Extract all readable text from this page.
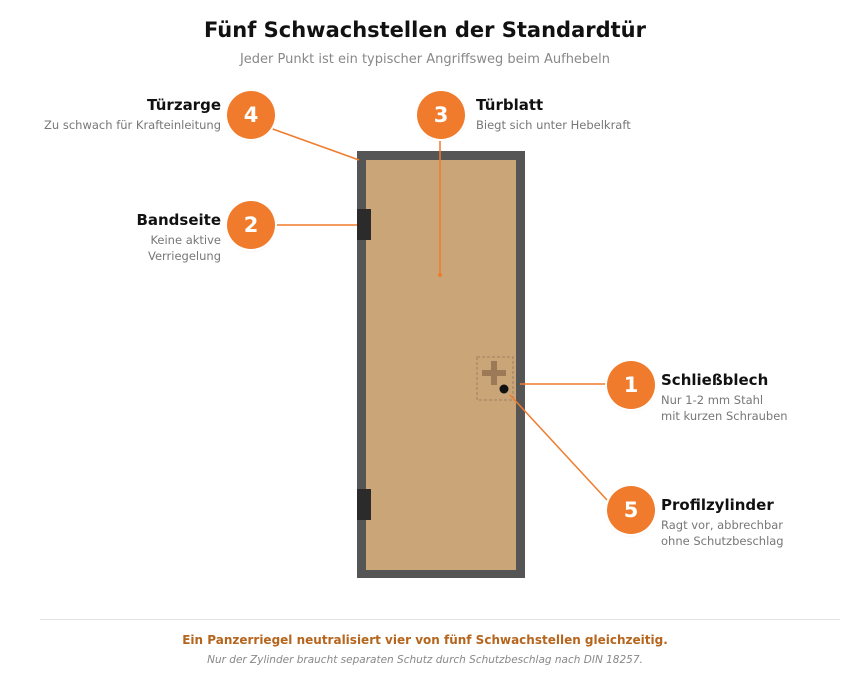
Fünf Schwachstellen der Standardtür
Jeder Punkt ist ein typischer Angriffsweg beim Aufhebeln
4	3
2
1
5
Türzarge
Zu schwach für Krafteinleitung
Türblatt
Biegt sich unter Hebelkraft
Bandseite
Keine aktive
Verriegelung
Schließblech
Nur 1-2 mm Stahl
mit kurzen Schrauben
Profilzylinder
Ragt vor, abbrechbar
ohne Schutzbeschlag
Ein Panzerriegel neutralisiert vier von fünf Schwachstellen gleichzeitig.
Nur der Zylinder braucht separaten Schutz durch Schutzbeschlag nach DIN 18257.
